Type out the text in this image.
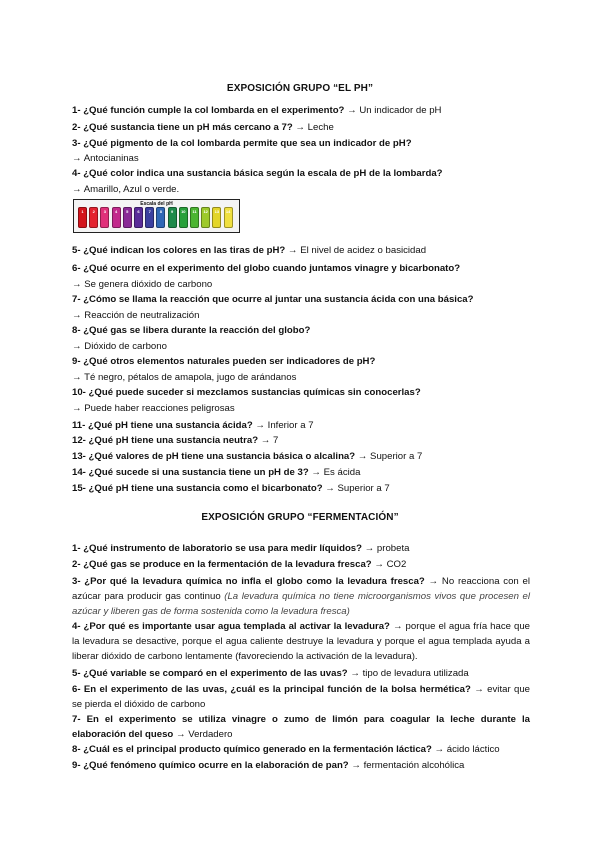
EXPOSICIÓN GRUPO “EL PH”
1- ¿Qué función cumple la col lombarda en el experimento? → Un indicador de pH
2- ¿Qué sustancia tiene un pH más cercano a 7? → Leche
3- ¿Qué pigmento de la col lombarda permite que sea un indicador de pH?
→ Antocianinas
4- ¿Qué color indica una sustancia básica según la escala de pH de la lombarda?
→ Amarillo, Azul o verde.
5- ¿Qué indican los colores en las tiras de pH? → El nivel de acidez o basicidad
6- ¿Qué ocurre en el experimento del globo cuando juntamos vinagre y bicarbonato?
→ Se genera dióxido de carbono
7- ¿Cómo se llama la reacción que ocurre al juntar una sustancia ácida con una básica?
→ Reacción de neutralización
8- ¿Qué gas se libera durante la reacción del globo?
→ Dióxido de carbono
9- ¿Qué otros elementos naturales pueden ser indicadores de pH?
→ Té negro, pétalos de amapola, jugo de arándanos
10- ¿Qué puede suceder si mezclamos sustancias químicas sin conocerlas?
→ Puede haber reacciones peligrosas
11- ¿Qué pH tiene una sustancia ácida? → Inferior a 7
12- ¿Qué pH tiene una sustancia neutra? → 7
13- ¿Qué valores de pH tiene una sustancia básica o alcalina? → Superior a 7
14- ¿Qué sucede si una sustancia tiene un pH de 3? → Es ácida
15- ¿Qué pH tiene una sustancia como el bicarbonato? → Superior a 7
Escala del pH
1	2	3	4	5	6	7	8	9	10	11	12	13	14
EXPOSICIÓN GRUPO “FERMENTACIÓN”
1- ¿Qué instrumento de laboratorio se usa para medir líquidos? → probeta
2- ¿Qué gas se produce en la fermentación de la levadura fresca? → CO2
3- ¿Por qué la levadura química no infla el globo como la levadura fresca? → No reacciona con el azúcar para producir gas continuo (La levadura química no tiene microorganismos vivos que procesen el azúcar y liberen gas de forma sostenida como la levadura fresca)
4- ¿Por qué es importante usar agua templada al activar la levadura? → porque el agua fría hace que la levadura se desactive, porque el agua caliente destruye la levadura y porque el agua templada ayuda a liberar dióxido de carbono lentamente (favoreciendo la activación de la levadura).
5- ¿Qué variable se comparó en el experimento de las uvas? → tipo de levadura utilizada
6- En el experimento de las uvas, ¿cuál es la principal función de la bolsa hermética? → evitar que se pierda el dióxido de carbono
7- En el experimento se utiliza vinagre o zumo de limón para coagular la leche durante la elaboración del queso → Verdadero
8- ¿Cuál es el principal producto químico generado en la fermentación láctica? → ácido láctico
9- ¿Qué fenómeno químico ocurre en la elaboración de pan? → fermentación alcohólica
